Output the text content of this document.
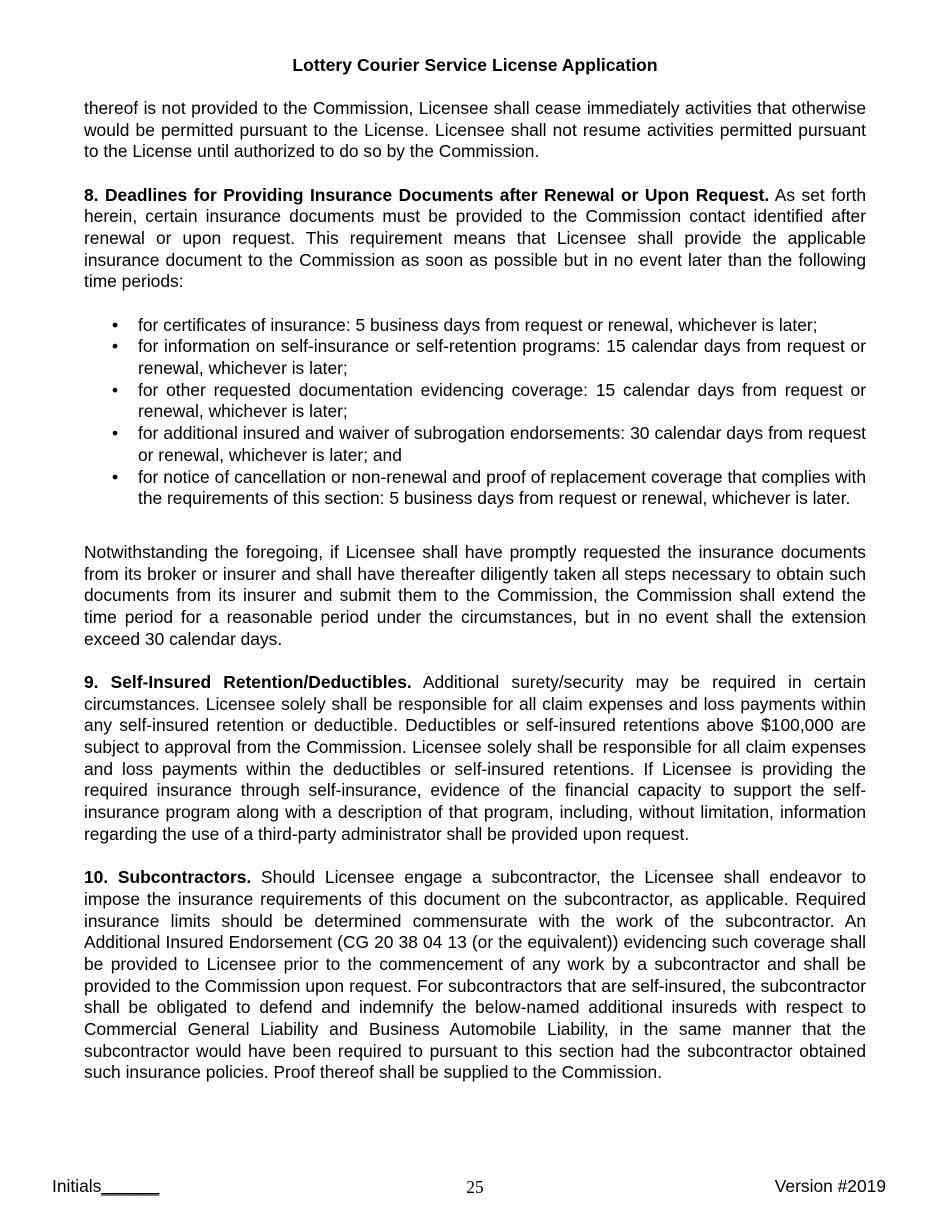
Lottery Courier Service License Application

thereof is not provided to the Commission, Licensee shall cease immediately activities that otherwise would be permitted pursuant to the License. Licensee shall not resume activities permitted pursuant to the License until authorized to do so by the Commission.

8. Deadlines for Providing Insurance Documents after Renewal or Upon Request. As set forth herein, certain insurance documents must be provided to the Commission contact identified after renewal or upon request. This requirement means that Licensee shall provide the applicable insurance document to the Commission as soon as possible but in no event later than the following time periods:

• for certificates of insurance: 5 business days from request or renewal, whichever is later;
• for information on self-insurance or self-retention programs: 15 calendar days from request or renewal, whichever is later;
• for other requested documentation evidencing coverage: 15 calendar days from request or renewal, whichever is later;
• for additional insured and waiver of subrogation endorsements: 30 calendar days from request or renewal, whichever is later; and
• for notice of cancellation or non-renewal and proof of replacement coverage that complies with the requirements of this section: 5 business days from request or renewal, whichever is later.

Notwithstanding the foregoing, if Licensee shall have promptly requested the insurance documents from its broker or insurer and shall have thereafter diligently taken all steps necessary to obtain such documents from its insurer and submit them to the Commission, the Commission shall extend the time period for a reasonable period under the circumstances, but in no event shall the extension exceed 30 calendar days.

9. Self-Insured Retention/Deductibles. Additional surety/security may be required in certain circumstances. Licensee solely shall be responsible for all claim expenses and loss payments within any self-insured retention or deductible. Deductibles or self-insured retentions above $100,000 are subject to approval from the Commission. Licensee solely shall be responsible for all claim expenses and loss payments within the deductibles or self-insured retentions. If Licensee is providing the required insurance through self-insurance, evidence of the financial capacity to support the self-insurance program along with a description of that program, including, without limitation, information regarding the use of a third-party administrator shall be provided upon request.

10. Subcontractors. Should Licensee engage a subcontractor, the Licensee shall endeavor to impose the insurance requirements of this document on the subcontractor, as applicable. Required insurance limits should be determined commensurate with the work of the subcontractor. An Additional Insured Endorsement (CG 20 38 04 13 (or the equivalent)) evidencing such coverage shall be provided to Licensee prior to the commencement of any work by a subcontractor and shall be provided to the Commission upon request. For subcontractors that are self-insured, the subcontractor shall be obligated to defend and indemnify the below-named additional insureds with respect to Commercial General Liability and Business Automobile Liability, in the same manner that the subcontractor would have been required to pursuant to this section had the subcontractor obtained such insurance policies. Proof thereof shall be supplied to the Commission.

Initials______	25	Version #2019
